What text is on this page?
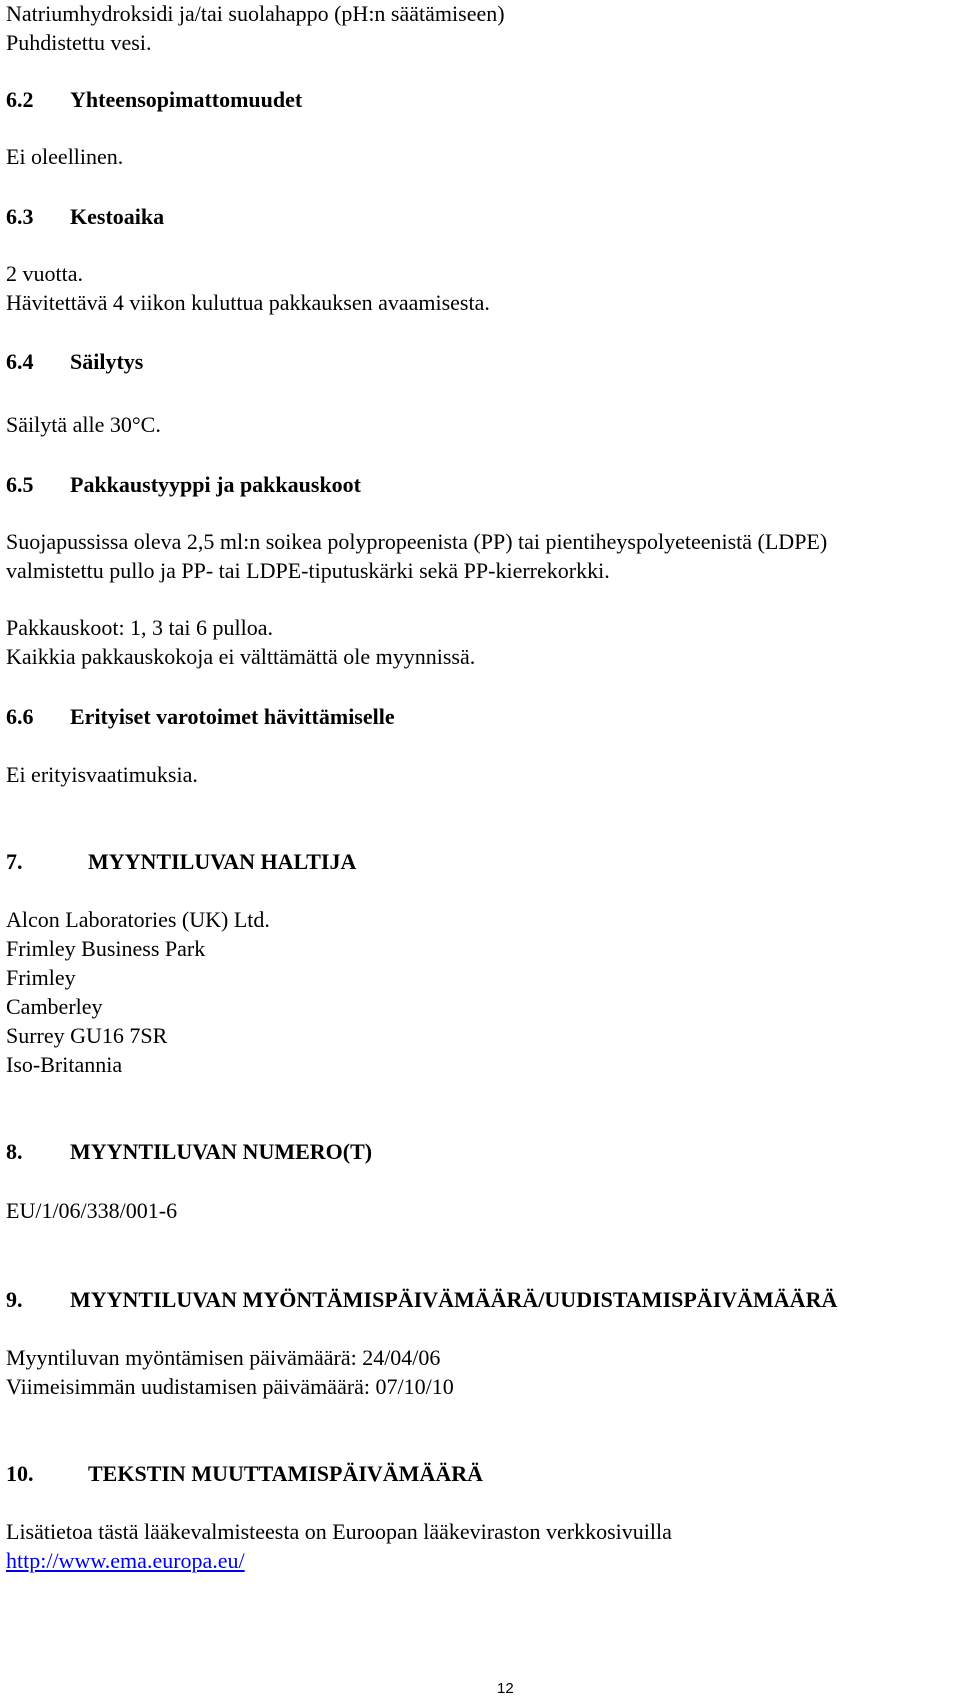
Natriumhydroksidi ja/tai suolahappo (pH:n säätämiseen)
Puhdistettu vesi.
6.2 Yhteensopimattomuudet
Ei oleellinen.
6.3 Kestoaika
2 vuotta.
Hävitettävä 4 viikon kuluttua pakkauksen avaamisesta.
6.4 Säilytys
Säilytä alle 30°C.
6.5 Pakkaustyyppi ja pakkauskoot
Suojapussissa oleva 2,5 ml:n soikea polypropeenista (PP) tai pientiheyspolyeteenistä (LDPE)
valmistettu pullo ja PP- tai LDPE-tiputuskärki sekä PP-kierrekorkki.
Pakkauskoot: 1, 3 tai 6 pulloa.
Kaikkia pakkauskokoja ei välttämättä ole myynnissä.
6.6 Erityiset varotoimet hävittämiselle
Ei erityisvaatimuksia.
7.	MYYNTILUVAN HALTIJA
Alcon Laboratories (UK) Ltd.
Frimley Business Park
Frimley
Camberley
Surrey GU16 7SR
Iso-Britannia
8. MYYNTILUVAN NUMERO(T)
EU/1/06/338/001-6
9. MYYNTILUVAN MYÖNTÄMISPÄIVÄMÄÄRÄ/UUDISTAMISPÄIVÄMÄÄRÄ
Myyntiluvan myöntämisen päivämäärä: 24/04/06
Viimeisimmän uudistamisen päivämäärä: 07/10/10
10. TEKSTIN MUUTTAMISPÄIVÄMÄÄRÄ
Lisätietoa tästä lääkevalmisteesta on Euroopan lääkeviraston verkkosivuilla
http://www.ema.europa.eu/
12
